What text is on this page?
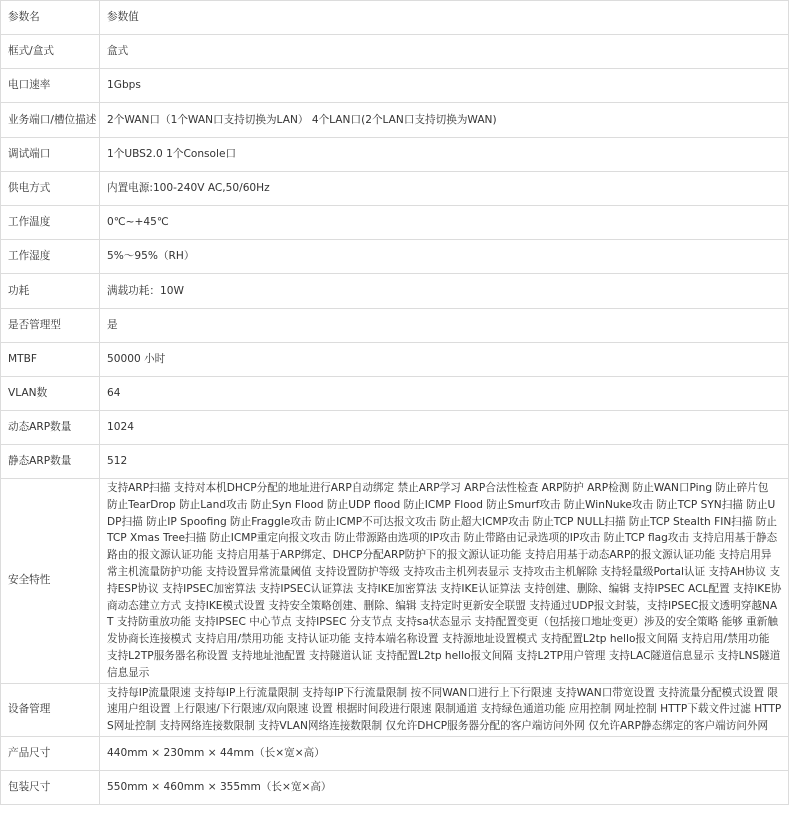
参数名	参数值
框式/盒式	盒式
电口速率	1Gbps
业务端口/槽位描述	2个WAN口（1个WAN口支持切换为LAN） 4个LAN口(2个LAN口支持切换为WAN)
调试端口	1个UBS2.0 1个Console口
供电方式	内置电源:100-240V AC,50/60Hz
工作温度	0℃~+45℃
工作湿度	5%～95%（RH）
功耗	满载功耗：10W
是否管理型	是
MTBF	50000 小时
VLAN数	64
动态ARP数量	1024
静态ARP数量	512
安全特性	支持ARP扫描 支持对本机DHCP分配的地址进行ARP自动绑定 禁止ARP学习 ARP合法性检查 ARP防护 ARP检测 防止WAN口Ping 防止碎片包 防止TearDrop 防止Land攻击 防止Syn Flood 防止UDP flood 防止ICMP Flood 防止Smurf攻击 防止WinNuke攻击 防止TCP SYN扫描 防止UDP扫描 防止IP Spoofing 防止Fraggle攻击 防止ICMP不可达报文攻击 防止超大ICMP攻击 防止TCP NULL扫描 防止TCP Stealth FIN扫描 防止TCP Xmas Tree扫描 防止ICMP重定向报文攻击 防止带源路由选项的IP攻击 防止带路由记录选项的IP攻击 防止TCP flag攻击 支持启用基于静态路由的报文源认证功能 支持启用基于ARP绑定、DHCP分配ARP防护下的报文源认证功能 支持启用基于动态ARP的报文源认证功能 支持启用异常主机流量防护功能 支持设置异常流量阈值 支持设置防护等级 支持攻击主机列表显示 支持攻击主机解除 支持轻量级Portal认证 支持AH协议 支持ESP协议 支持IPSEC加密算法 支持IPSEC认证算法 支持IKE加密算法 支持IKE认证算法 支持创建、删除、编辑 支持IPSEC ACL配置 支持IKE协商动态建立方式 支持IKE模式设置 支持安全策略创建、删除、编辑 支持定时更新安全联盟 支持通过UDP报文封装，支持IPSEC报文透明穿越NAT 支持防重放功能 支持IPSEC 中心节点 支持IPSEC 分支节点 支持sa状态显示 支持配置变更（包括接口地址变更）涉及的安全策略 能够 重新触发协商长连接模式 支持启用/禁用功能 支持认证功能 支持本端名称设置 支持源地址设置模式 支持配置L2tp hello报文间隔 支持启用/禁用功能 支持L2TP服务器名称设置 支持地址池配置 支持隧道认证 支持配置L2tp hello报文间隔 支持L2TP用户管理 支持LAC隧道信息显示 支持LNS隧道信息显示
设备管理	支持每IP流量限速 支持每IP上行流量限制 支持每IP下行流量限制 按不同WAN口进行上下行限速 支持WAN口带宽设置 支持流量分配模式设置 限速用户组设置 上行限速/下行限速/双向限速 设置 根据时间段进行限速 限制通道 支持绿色通道功能 应用控制 网址控制 HTTP下载文件过滤 HTTPS网址控制 支持网络连接数限制 支持VLAN网络连接数限制 仅允许DHCP服务器分配的客户端访问外网 仅允许ARP静态绑定的客户端访问外网
产品尺寸	440mm × 230mm × 44mm（长×宽×高）
包装尺寸	550mm × 460mm × 355mm（长×宽×高）
